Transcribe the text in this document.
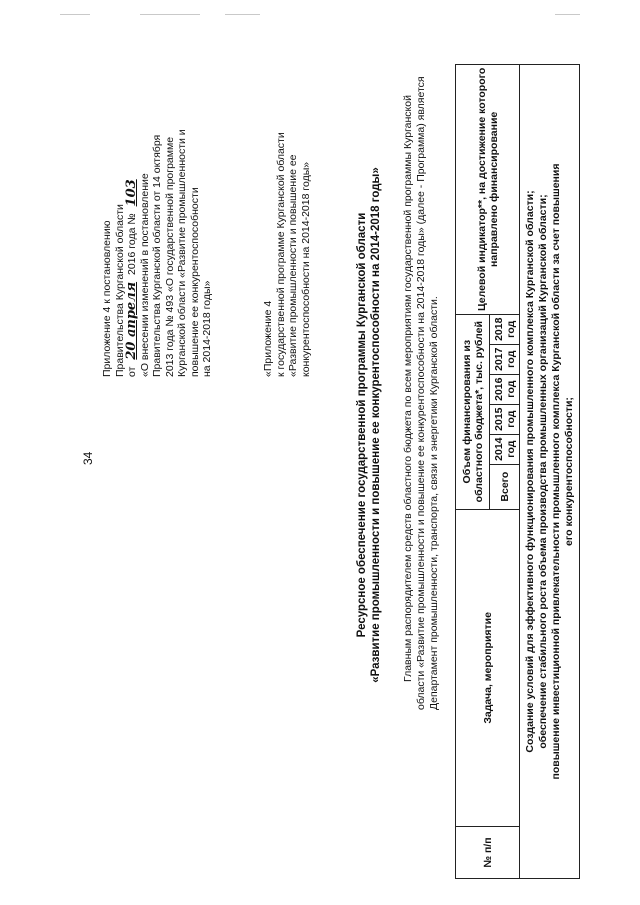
34
Приложение 4 к постановлению Правительства Курганской области от 20 апреля 2016 года № 103 «О внесении изменений в постановление Правительства Курганской области от 14 октября 2013 года № 493 «О государственной программе Курганской области «Развитие промышленности и повышение ее конкурентоспособности на 2014-2018 годы»	«Приложение 4 к государственной программе Курганской области «Развитие промышленности и повышение ее конкурентоспособности на 2014-2018 годы»	Ресурсное обеспечение государственной программы Курганской области «Развитие промышленности и повышение ее конкурентоспособности на 2014-2018 годы» Главным распорядителем средств областного бюджета по всем мероприятиям государственной программы Курганской области «Развитие промышленности и повышение ее конкурентоспособности на 2014-2018 годы» (далее - Программа) является Департамент промышленности, транспорта, связи и энергетики Курганской области.
№ п/п	Задача, мероприятие	Объем финансирования из областного бюджета*, тыс. рублей						Целевой индикатор**, на достижение которого направлено финансирование
		Всего	2014 год	2015 год	2016 год	2017 год	2018 год	

Создание условий для эффективного функционирования промышленного комплекса Курганской области; обеспечение стабильного роста объема производства промышленных организаций Курганской области; повышение инвестиционной привлекательности промышленного комплекса Курганской области за счет повышения его конкурентоспособности;								
